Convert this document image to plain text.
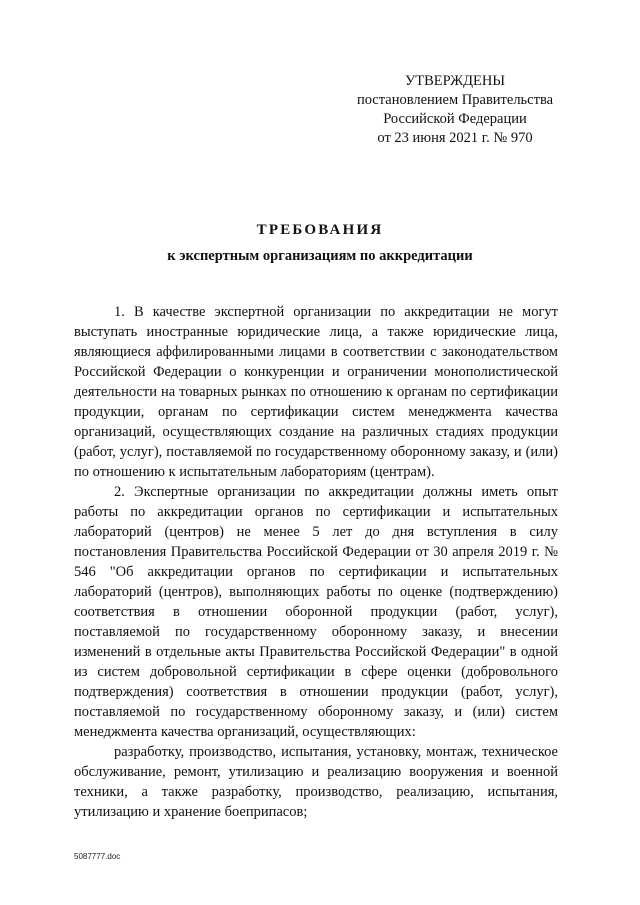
УТВЕРЖДЕНЫ
постановлением Правительства
Российской Федерации
от 23 июня 2021 г. № 970
ТРЕБОВАНИЯ
к экспертным организациям по аккредитации

1. В качестве экспертной организации по аккредитации не могут выступать иностранные юридические лица, а также юридические лица, являющиеся аффилированными лицами в соответствии с законодательством Российской Федерации о конкуренции и ограничении монополистической деятельности на товарных рынках по отношению к органам по сертификации продукции, органам по сертификации систем менеджмента качества организаций, осуществляющих создание на различных стадиях продукции (работ, услуг), поставляемой по государственному оборонному заказу, и (или) по отношению к испытательным лабораториям (центрам).

2. Экспертные организации по аккредитации должны иметь опыт работы по аккредитации органов по сертификации и испытательных лабораторий (центров) не менее 5 лет до дня вступления в силу постановления Правительства Российской Федерации от 30 апреля 2019 г. № 546 "Об аккредитации органов по сертификации и испытательных лабораторий (центров), выполняющих работы по оценке (подтверждению) соответствия в отношении оборонной продукции (работ, услуг), поставляемой по государственному оборонному заказу, и внесении изменений в отдельные акты Правительства Российской Федерации" в одной из систем добровольной сертификации в сфере оценки (добровольного подтверждения) соответствия в отношении продукции (работ, услуг), поставляемой по государственному оборонному заказу, и (или) систем менеджмента качества организаций, осуществляющих:

разработку, производство, испытания, установку, монтаж, техническое обслуживание, ремонт, утилизацию и реализацию вооружения и военной техники, а также разработку, производство, реализацию, испытания, утилизацию и хранение боеприпасов;

5087777.doc
